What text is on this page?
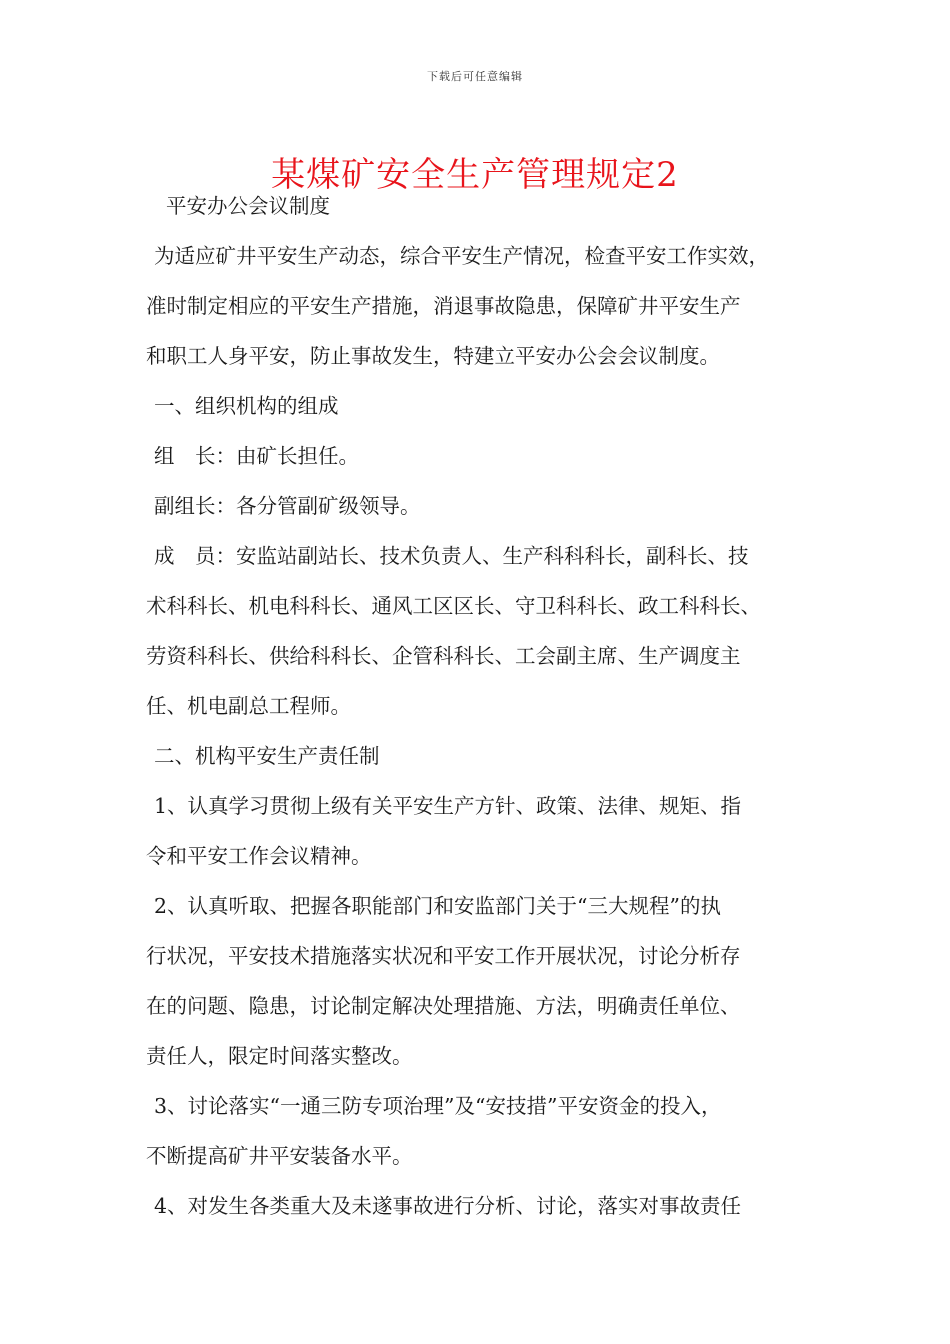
下载后可任意编辑
某煤矿安全生产管理规定2
平安办公会议制度
为适应矿井平安生产动态，综合平安生产情况，检查平安工作实效，
准时制定相应的平安生产措施，消退事故隐患，保障矿井平安生产
和职工人身平安，防止事故发生，特建立平安办公会会议制度。
一、组织机构的组成
组　长：由矿长担任。
副组长：各分管副矿级领导。
成　员：安监站副站长、技术负责人、生产科科科长，副科长、技
术科科长、机电科科长、通风工区区长、守卫科科长、政工科科长、
劳资科科长、供给科科长、企管科科长、工会副主席、生产调度主
任、机电副总工程师。
二、机构平安生产责任制
1、认真学习贯彻上级有关平安生产方针、政策、法律、规矩、指
令和平安工作会议精神。
2、认真听取、把握各职能部门和安监部门关于“三大规程”的执
行状况，平安技术措施落实状况和平安工作开展状况，讨论分析存
在的问题、隐患，讨论制定解决处理措施、方法，明确责任单位、
责任人，限定时间落实整改。
3、讨论落实“一通三防专项治理”及“安技措”平安资金的投入，
不断提高矿井平安装备水平。
4、对发生各类重大及未遂事故进行分析、讨论，落实对事故责任
